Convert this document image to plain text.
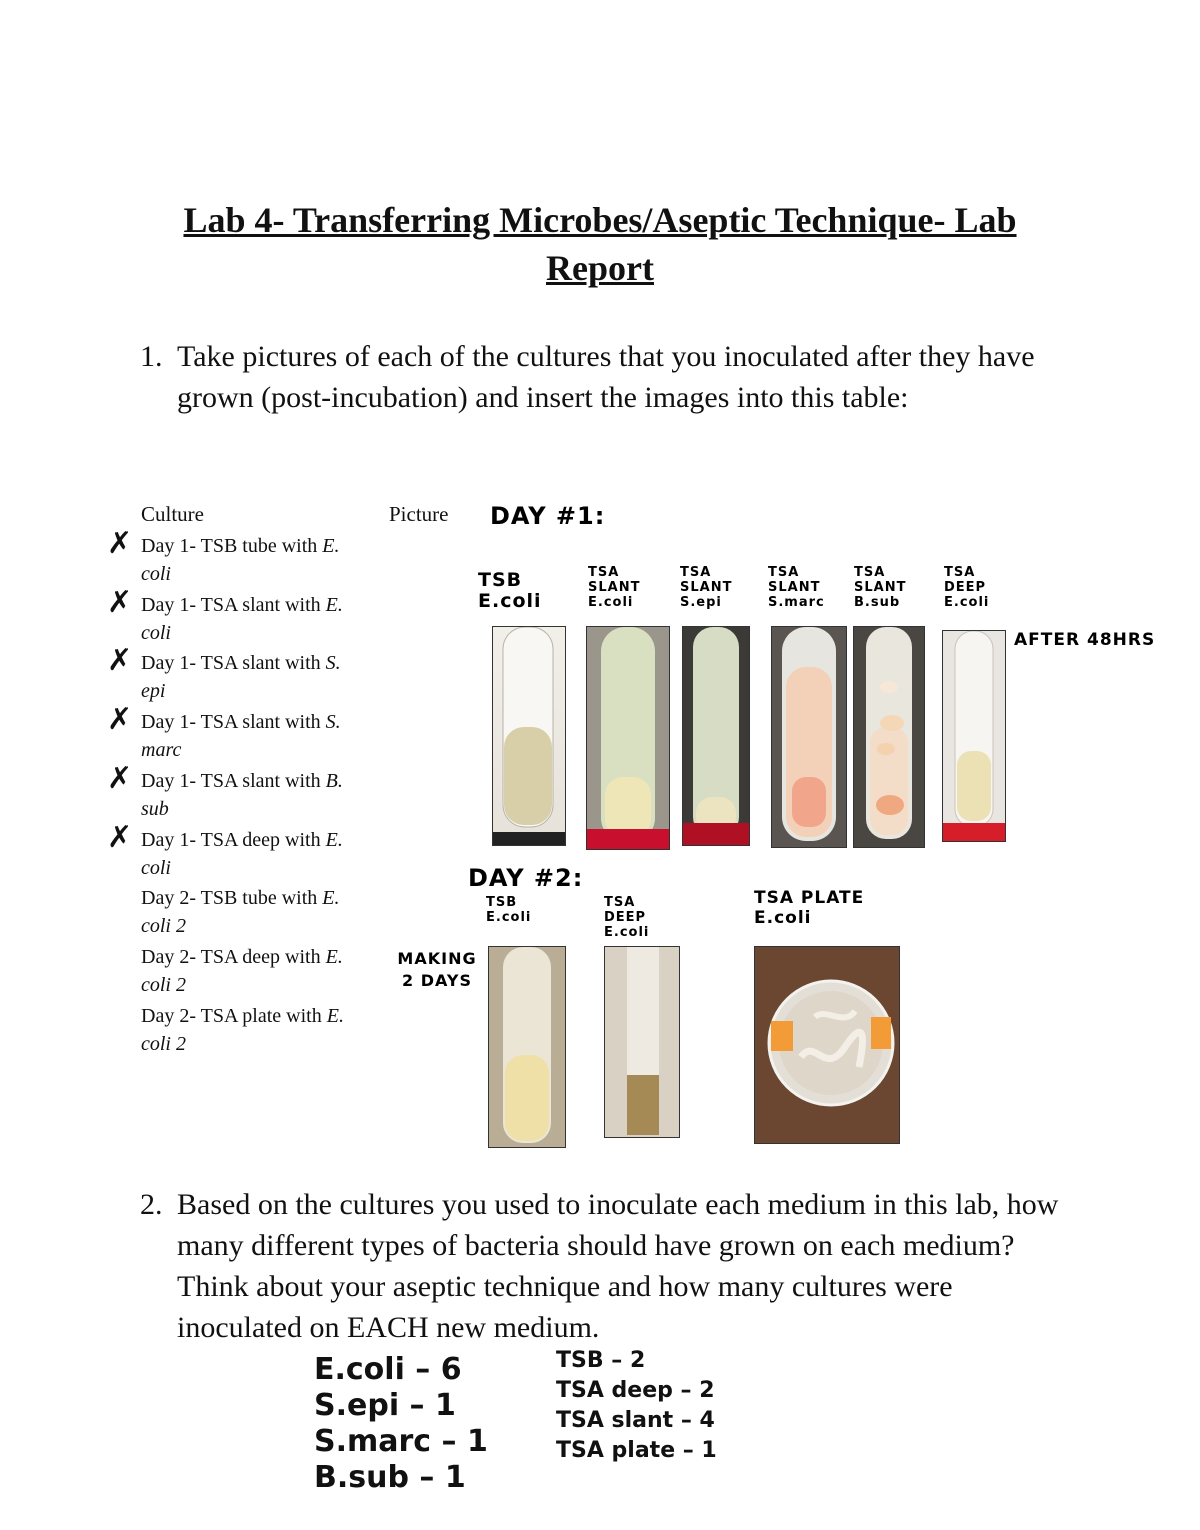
Lab 4- Transferring Microbes/Aseptic Technique- Lab
Report
1. Take pictures of each of the cultures that you inoculated after they have grown (post-incubation) and insert the images into this table:
Culture	Picture
Day 1- TSB tube with E.
coli
✗
Day 1- TSA slant with E.
coli
✗
Day 1- TSA slant with S.
epi
✗
Day 1- TSA slant with S.
marc
✗
Day 1- TSA slant with B.
sub
✗
Day 1- TSA deep with E.
coli
✗
Day 2- TSB tube with E.
coli 2
Day 2- TSA deep with E.
coli 2
Day 2- TSA plate with E.
coli 2
DAY #1:
DAY #2:
AFTER 48HRS
MAKING 2 DAYS
TSB
E.coli
TSA
SLANT
E.coli
TSA
SLANT
S.epi
TSA
SLANT
S.marc
TSA
SLANT
B.sub
TSA
DEEP
E.coli
TSB
E.coli
TSA
DEEP
E.coli
TSA PLATE
E.coli
2. Based on the cultures you used to inoculate each medium in this lab, how many different types of bacteria should have grown on each medium? Think about your aseptic technique and how many cultures were inoculated on EACH new medium.
E.coli – 6
S.epi – 1
S.marc – 1
B.sub – 1
TSB – 2
TSA deep – 2
TSA slant – 4
TSA plate – 1
